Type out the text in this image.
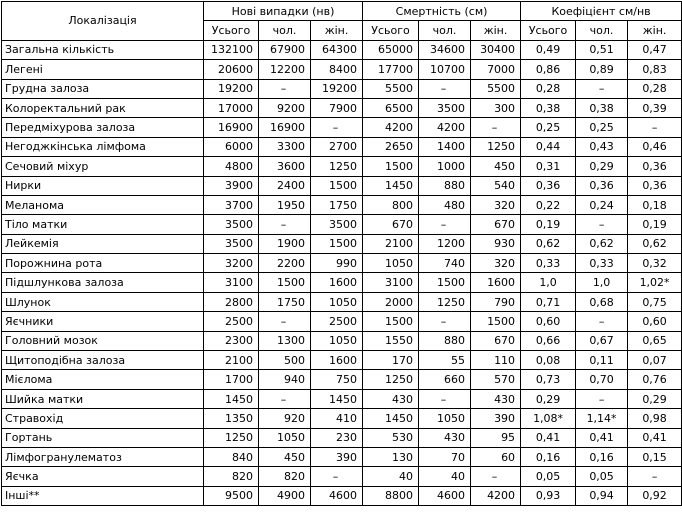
Локалізація	Нові випадки (нв)			Смертність (см)			Коефіцієнт см/нв		
	Усього	чол.	жін.	Усього	чол.	жін.	Усього	чол.	жін.
Загальна кількість	132100	67900	64300	65000	34600	30400	0,49	0,51	0,47
Легені	20600	12200	8400	17700	10700	7000	0,86	0,89	0,83
Грудна залоза	19200	–	19200	5500	–	5500	0,28	–	0,28
Колоректальний рак	17000	9200	7900	6500	3500	300	0,38	0,38	0,39
Передміхурова залоза	16900	16900	–	4200	4200	–	0,25	0,25	–
Негоджкінська лімфома	6000	3300	2700	2650	1400	1250	0,44	0,43	0,46
Сечовий міхур	4800	3600	1250	1500	1000	450	0,31	0,29	0,36
Нирки	3900	2400	1500	1450	880	540	0,36	0,36	0,36
Меланома	3700	1950	1750	800	480	320	0,22	0,24	0,18
Тіло матки	3500	–	3500	670	–	670	0,19	–	0,19
Лейкемія	3500	1900	1500	2100	1200	930	0,62	0,62	0,62
Порожнина рота	3200	2200	990	1050	740	320	0,33	0,33	0,32
Підшлункова залоза	3100	1500	1600	3100	1500	1600	1,0	1,0	1,02*
Шлунок	2800	1750	1050	2000	1250	790	0,71	0,68	0,75
Яєчники	2500	–	2500	1500	–	1500	0,60	–	0,60
Головний мозок	2300	1300	1050	1550	880	670	0,66	0,67	0,65
Щитоподібна залоза	2100	500	1600	170	55	110	0,08	0,11	0,07
Мієлома	1700	940	750	1250	660	570	0,73	0,70	0,76
Шийка матки	1450	–	1450	430	–	430	0,29	–	0,29
Стравохід	1350	920	410	1450	1050	390	1,08*	1,14*	0,98
Гортань	1250	1050	230	530	430	95	0,41	0,41	0,41
Лімфогранулематоз	840	450	390	130	70	60	0,16	0,16	0,15
Яєчка	820	820	–	40	40	–	0,05	0,05	–
Інші**	9500	4900	4600	8800	4600	4200	0,93	0,94	0,92
